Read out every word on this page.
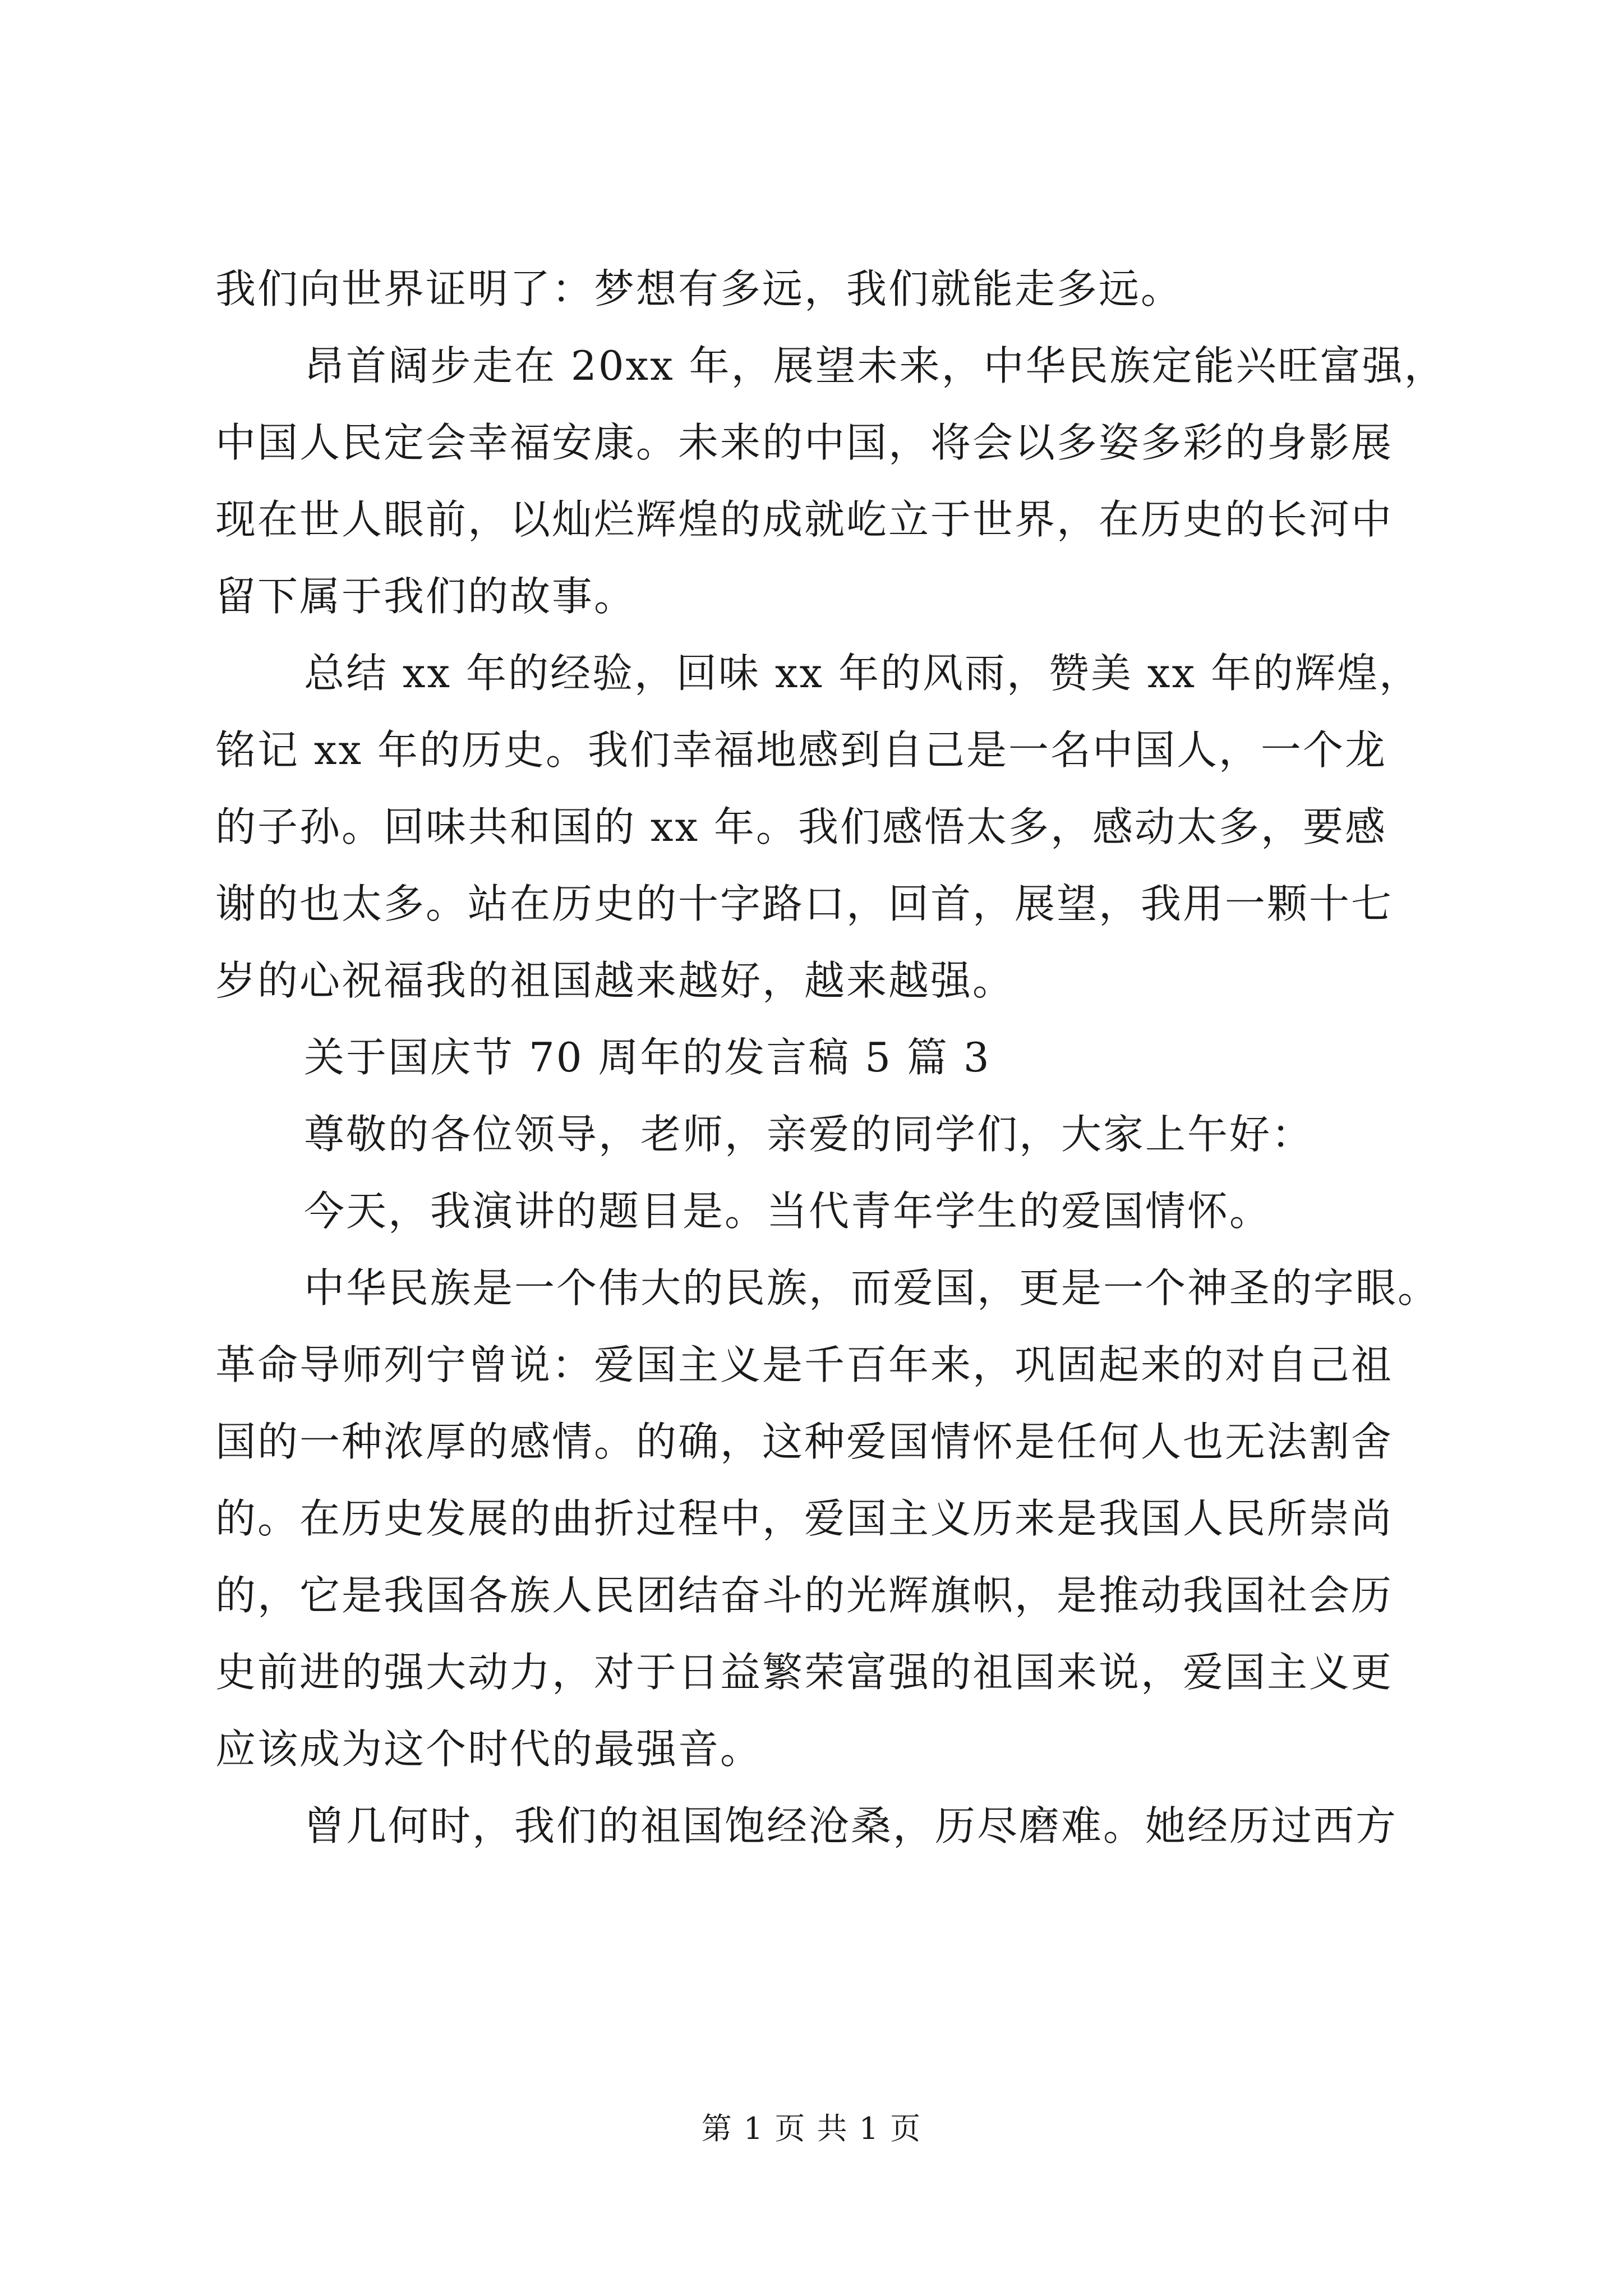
我们向世界证明了：梦想有多远，我们就能走多远。
昂首阔步走在 20xx 年，展望未来，中华民族定能兴旺富强，
中国人民定会幸福安康。未来的中国，将会以多姿多彩的身影展
现在世人眼前，以灿烂辉煌的成就屹立于世界，在历史的长河中
留下属于我们的故事。
总结 xx 年的经验，回味 xx 年的风雨，赞美 xx 年的辉煌，
铭记 xx 年的历史。我们幸福地感到自己是一名中国人，一个龙
的子孙。回味共和国的 xx 年。我们感悟太多，感动太多，要感
谢的也太多。站在历史的十字路口，回首，展望，我用一颗十七
岁的心祝福我的祖国越来越好，越来越强。
关于国庆节 70 周年的发言稿 5 篇 3
尊敬的各位领导，老师，亲爱的同学们，大家上午好：
今天，我演讲的题目是。当代青年学生的爱国情怀。
中华民族是一个伟大的民族，而爱国，更是一个神圣的字眼。
革命导师列宁曾说：爱国主义是千百年来，巩固起来的对自己祖
国的一种浓厚的感情。的确，这种爱国情怀是任何人也无法割舍
的。在历史发展的曲折过程中，爱国主义历来是我国人民所崇尚
的，它是我国各族人民团结奋斗的光辉旗帜，是推动我国社会历
史前进的强大动力，对于日益繁荣富强的祖国来说，爱国主义更
应该成为这个时代的最强音。
曾几何时，我们的祖国饱经沧桑，历尽磨难。她经历过西方
第 1 页 共 1 页
